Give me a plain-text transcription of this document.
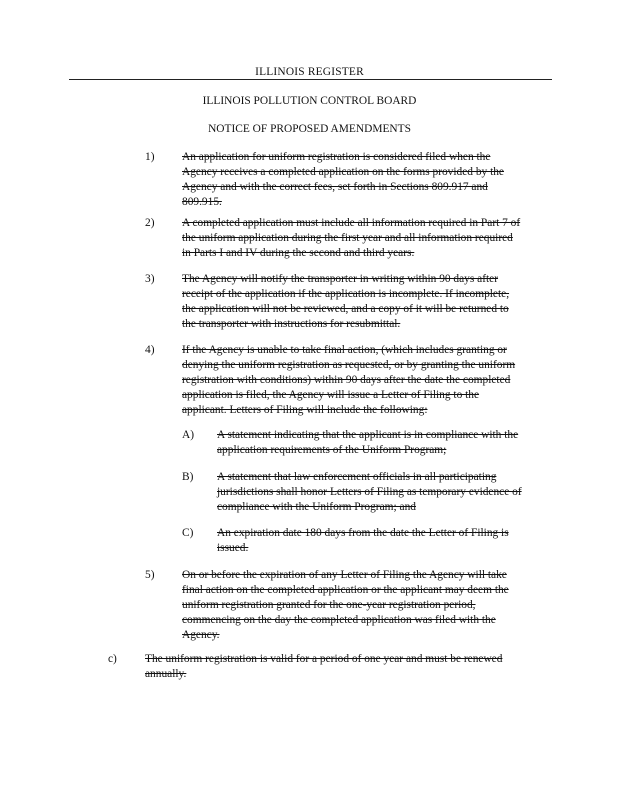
ILLINOIS REGISTER
ILLINOIS POLLUTION CONTROL BOARD
NOTICE OF PROPOSED AMENDMENTS
1) An application for uniform registration is considered filed when the
Agency receives a completed application on the forms provided by the
Agency and with the correct fees, set forth in Sections 809.917 and
809.915.
2) A completed application must include all information required in Part 7 of
the uniform application during the first year and all information required
in Parts I and IV during the second and third years.
3) The Agency will notify the transporter in writing within 90 days after
receipt of the application if the application is incomplete. If incomplete,
the application will not be reviewed, and a copy of it will be returned to
the transporter with instructions for resubmittal.
4) If the Agency is unable to take final action, (which includes granting or
denying the uniform registration as requested, or by granting the uniform
registration with conditions) within 90 days after the date the completed
application is filed, the Agency will issue a Letter of Filing to the
applicant. Letters of Filing will include the following:
A) A statement indicating that the applicant is in compliance with the
application requirements of the Uniform Program;
B) A statement that law enforcement officials in all participating
jurisdictions shall honor Letters of Filing as temporary evidence of
compliance with the Uniform Program; and
C) An expiration date 180 days from the date the Letter of Filing is
issued.
5) On or before the expiration of any Letter of Filing the Agency will take
final action on the completed application or the applicant may deem the
uniform registration granted for the one-year registration period,
commencing on the day the completed application was filed with the
Agency.
c) The uniform registration is valid for a period of one year and must be renewed
annually.
